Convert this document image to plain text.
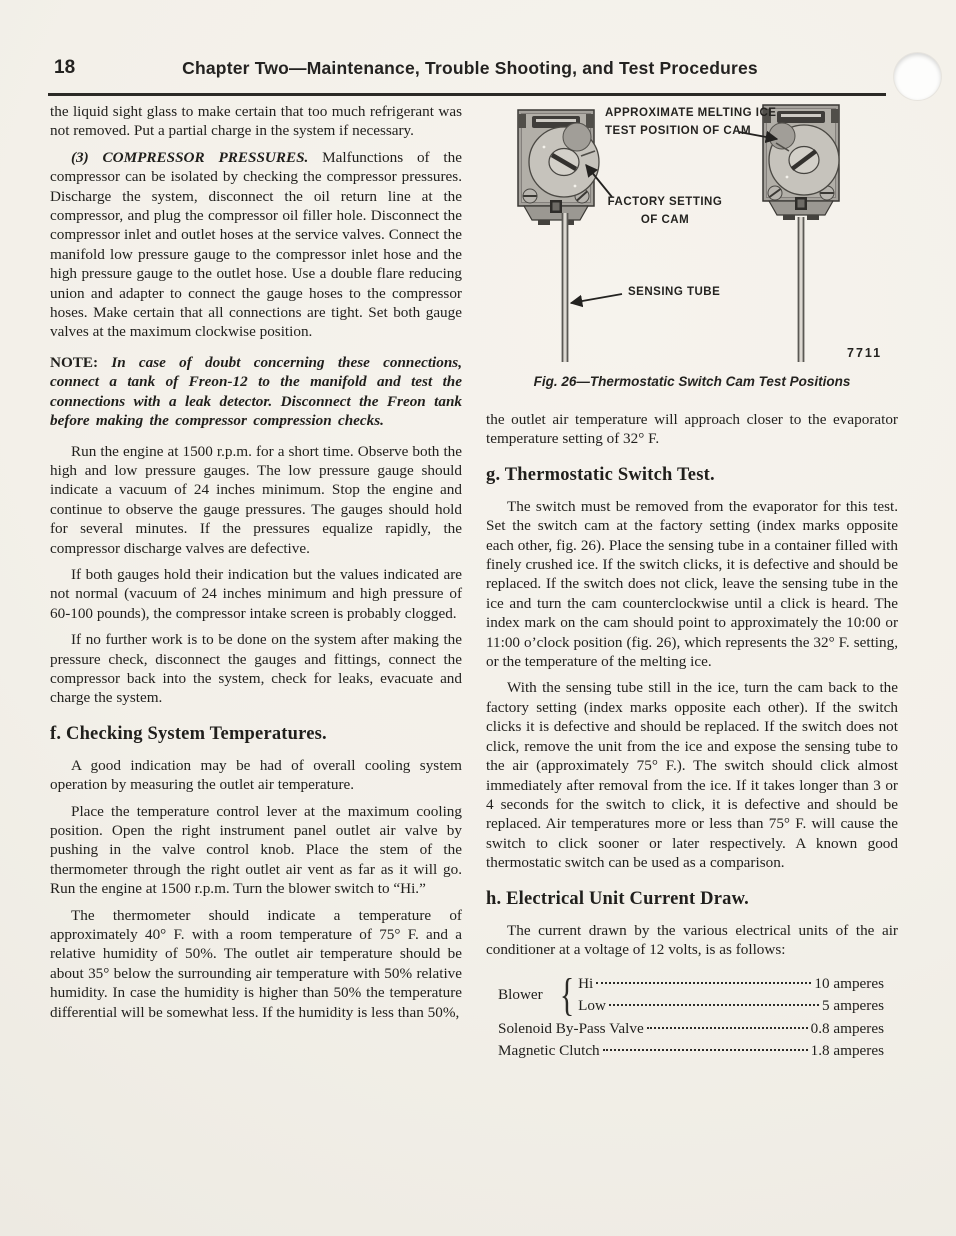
18	Chapter Two—Maintenance, Trouble Shooting, and Test Procedures

the liquid sight glass to make certain that too much refrigerant was not removed. Put a partial charge in the system if necessary.

(3) COMPRESSOR PRESSURES. Malfunctions of the compressor can be isolated by checking the compressor pressures. Discharge the system, disconnect the oil return line at the compressor, and plug the compressor oil filler hole. Disconnect the compressor inlet and outlet hoses at the service valves. Connect the manifold low pressure gauge to the compressor inlet hose and the high pressure gauge to the outlet hose. Use a double flare reducing union and adapter to connect the gauge hoses to the compressor hoses. Make certain that all connections are tight. Set both gauge valves at the maximum clockwise position.

NOTE: In case of doubt concerning these connections, connect a tank of Freon-12 to the manifold and test the connections with a leak detector. Disconnect the Freon tank before making the compressor compression checks.

Run the engine at 1500 r.p.m. for a short time. Observe both the high and low pressure gauges. The low pressure gauge should indicate a vacuum of 24 inches minimum. Stop the engine and continue to observe the gauge pressures. The gauges should hold for several minutes. If the pressures equalize rapidly, the compressor discharge valves are defective.

If both gauges hold their indication but the values indicated are not normal (vacuum of 24 inches minimum and high pressure of 60-100 pounds), the compressor intake screen is probably clogged.

If no further work is to be done on the system after making the pressure check, disconnect the gauges and fittings, connect the compressor back into the system, check for leaks, evacuate and charge the system.

f. Checking System Temperatures.

A good indication may be had of overall cooling system operation by measuring the outlet air temperature.

Place the temperature control lever at the maximum cooling position. Open the right instrument panel outlet air valve by pushing in the valve control knob. Place the stem of the thermometer through the right outlet air vent as far as it will go. Run the engine at 1500 r.p.m. Turn the blower switch to “Hi.”

The thermometer should indicate a temperature of approximately 40° F. with a room temperature of 75° F. and a relative humidity of 50%. The outlet air temperature should be about 35° below the surrounding air temperature with 50% relative humidity. In case the humidity is higher than 50% the temperature differential will be somewhat less. If the humidity is less than 50%,

APPROXIMATE MELTING ICE
TEST POSITION OF CAM
FACTORY SETTING
OF CAM
SENSING TUBE
7711
Fig. 26—Thermostatic Switch Cam Test Positions

the outlet air temperature will approach closer to the evaporator temperature setting of 32° F.

g. Thermostatic Switch Test.

The switch must be removed from the evaporator for this test. Set the switch cam at the factory setting (index marks opposite each other, fig. 26). Place the sensing tube in a container filled with finely crushed ice. If the switch clicks, it is defective and should be replaced. If the switch does not click, leave the sensing tube in the ice and turn the cam counterclockwise until a click is heard. The index mark on the cam should point to approximately the 10:00 or 11:00 o’clock position (fig. 26), which represents the 32° F. setting, or the temperature of the melting ice.

With the sensing tube still in the ice, turn the cam back to the factory setting (index marks opposite each other). If the switch clicks it is defective and should be replaced. If the switch does not click, remove the unit from the ice and expose the sensing tube to the air (approximately 75° F.). The switch should click almost immediately after removal from the ice. If it takes longer than 3 or 4 seconds for the switch to click, it is defective and should be replaced. Air temperatures more or less than 75° F. will cause the switch to click sooner or later respectively. A known good thermostatic switch can be used as a comparison.

h. Electrical Unit Current Draw.

The current drawn by the various electrical units of the air conditioner at a voltage of 12 volts, is as follows:

Blower { Hi	10 amperes
Low	5 amperes
Solenoid By-Pass Valve	0.8 amperes
Magnetic Clutch	1.8 amperes
